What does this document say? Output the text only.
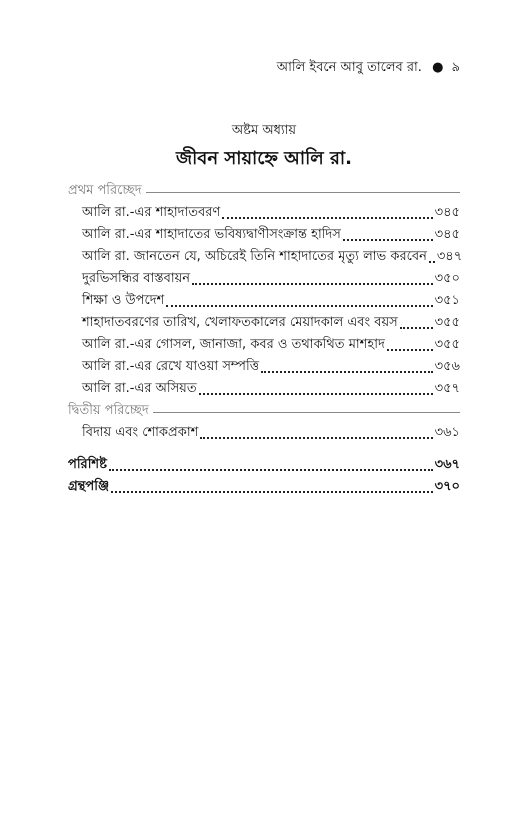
আলি ইবনে আবু তালেব রা. ● ৯
অষ্টম অধ্যায়
জীবন সায়াহ্নে আলি রা.
প্রথম পরিচ্ছেদ
আলি রা.-এর শাহাদাতবরণ	৩৪৫
আলি রা.-এর শাহাদাতের ভবিষ্যদ্বাণীসংক্রান্ত হাদিস	৩৪৫
আলি রা. জানতেন যে, অচিরেই তিনি শাহাদাতের মৃত্যু লাভ করবেন ৩৪৭
দুরভিসন্ধির বাস্তবায়ন	৩৫০
শিক্ষা ও উপদেশ	৩৫১
শাহাদাতবরণের তারিখ, খেলাফতকালের মেয়াদকাল এবং বয়স	৩৫৫
আলি রা.-এর গোসল, জানাজা, কবর ও তথাকথিত মাশহাদ	৩৫৫
আলি রা.-এর রেখে যাওয়া সম্পত্তি	৩৫৬
আলি রা.-এর অসিয়ত	৩৫৭
দ্বিতীয় পরিচ্ছেদ
বিদায় এবং শোকপ্রকাশ	৩৬১
পরিশিষ্ট	৩৬৭
গ্রন্থপঞ্জি	৩৭০
